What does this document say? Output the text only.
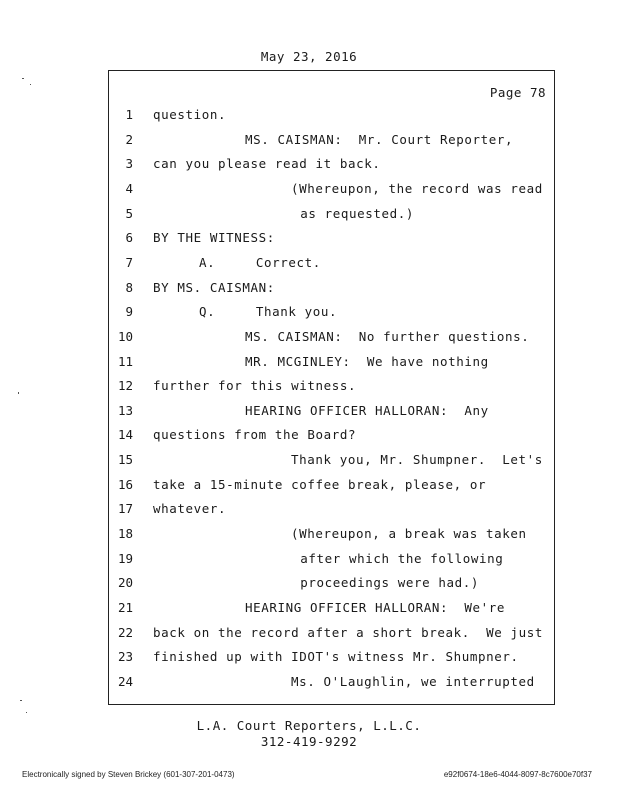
May 23, 2016
Page 78
1 question.
2	MS. CAISMAN:  Mr. Court Reporter,
3 can you please read it back.
4	(Whereupon, the record was read
5	as requested.)
6 BY THE WITNESS:
7	A.     Correct.
8 BY MS. CAISMAN:
9	Q.     Thank you.
10	MS. CAISMAN:  No further questions.
11	MR. MCGINLEY:  We have nothing
12 further for this witness.
13	HEARING OFFICER HALLORAN:  Any
14 questions from the Board?
15	Thank you, Mr. Shumpner.  Let's
16 take a 15-minute coffee break, please, or
17 whatever.
18	(Whereupon, a break was taken
19	after which the following
20	proceedings were had.)
21	HEARING OFFICER HALLORAN:  We're
22 back on the record after a short break.  We just
23 finished up with IDOT's witness Mr. Shumpner.
24	Ms. O'Laughlin, we interrupted
L.A. Court Reporters, L.L.C.
312-419-9292
Electronically signed by Steven Brickey (601-307-201-0473)	e92f0674-18e6-4044-8097-8c7600e70f37
